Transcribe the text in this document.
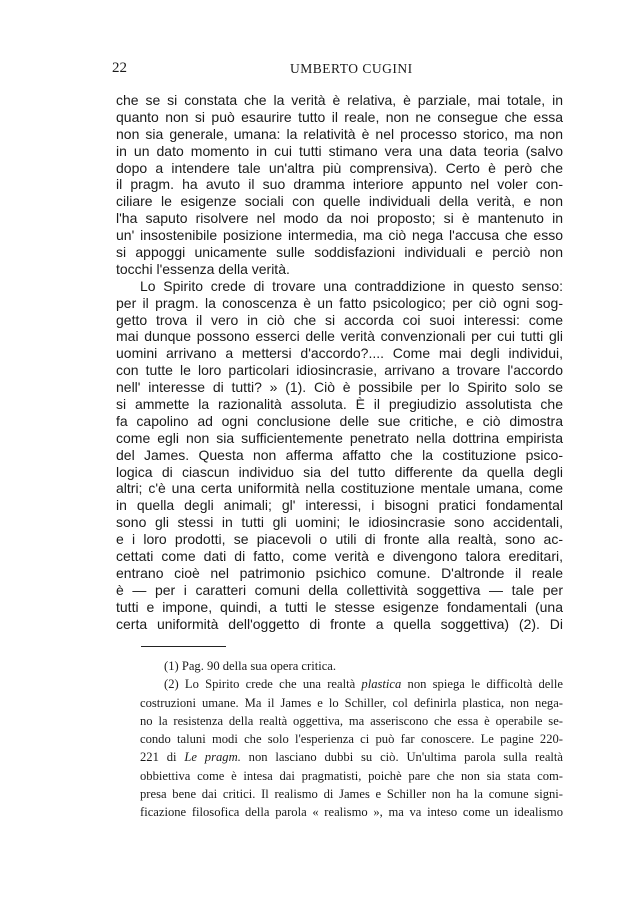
22	UMBERTO CUGINI
che se si constata che la verità è relativa, è parziale, mai totale, in
quanto non si può esaurire tutto il reale, non ne consegue che essa
non sia generale, umana: la relatività è nel processo storico, ma non
in un dato momento in cui tutti stimano vera una data teoria (salvo
dopo a intendere tale un'altra più comprensiva). Certo è però che
il pragm. ha avuto il suo dramma interiore appunto nel voler con-
ciliare le esigenze sociali con quelle individuali della verità, e non
l'ha saputo risolvere nel modo da noi proposto; si è mantenuto in
un' insostenibile posizione intermedia, ma ciò nega l'accusa che esso
si appoggi unicamente sulle soddisfazioni individuali e perciò non
tocchi l'essenza della verità.
Lo Spirito crede di trovare una contraddizione in questo senso:
per il pragm. la conoscenza è un fatto psicologico; per ciò ogni sog-
getto trova il vero in ciò che si accorda coi suoi interessi: come
mai dunque possono esserci delle verità convenzionali per cui tutti gli
uomini arrivano a mettersi d'accordo?.... Come mai degli individui,
con tutte le loro particolari idiosincrasie, arrivano a trovare l'accordo
nell' interesse di tutti? » (1). Ciò è possibile per lo Spirito solo se
si ammette la razionalità assoluta. È il pregiudizio assolutista che
fa capolino ad ogni conclusione delle sue critiche, e ciò dimostra
come egli non sia sufficientemente penetrato nella dottrina empirista
del James. Questa non afferma affatto che la costituzione psico-
logica di ciascun individuo sia del tutto differente da quella degli
altri; c'è una certa uniformità nella costituzione mentale umana, come
in quella degli animali; gl' interessi, i bisogni pratici fondamental
sono gli stessi in tutti gli uomini; le idiosincrasie sono accidentali,
e i loro prodotti, se piacevoli o utili di fronte alla realtà, sono ac-
cettati come dati di fatto, come verità e divengono talora ereditari,
entrano cioè nel patrimonio psichico comune. D'altronde il reale
è — per i caratteri comuni della collettività soggettiva — tale per
tutti e impone, quindi, a tutti le stesse esigenze fondamentali (una
certa uniformità dell'oggetto di fronte a quella soggettiva) (2). Di
(1) Pag. 90 della sua opera critica.
(2) Lo Spirito crede che una realtà plastica non spiega le difficoltà delle
costruzioni umane. Ma il James e lo Schiller, col definirla plastica, non nega-
no la resistenza della realtà oggettiva, ma asseriscono che essa è operabile se-
condo taluni modi che solo l'esperienza ci può far conoscere. Le pagine 220-
221 di Le pragm. non lasciano dubbi su ciò. Un'ultima parola sulla realtà
obbiettiva come è intesa dai pragmatisti, poichè pare che non sia stata com-
presa bene dai critici. Il realismo di James e Schiller non ha la comune signi-
ficazione filosofica della parola « realismo », ma va inteso come un idealismo
